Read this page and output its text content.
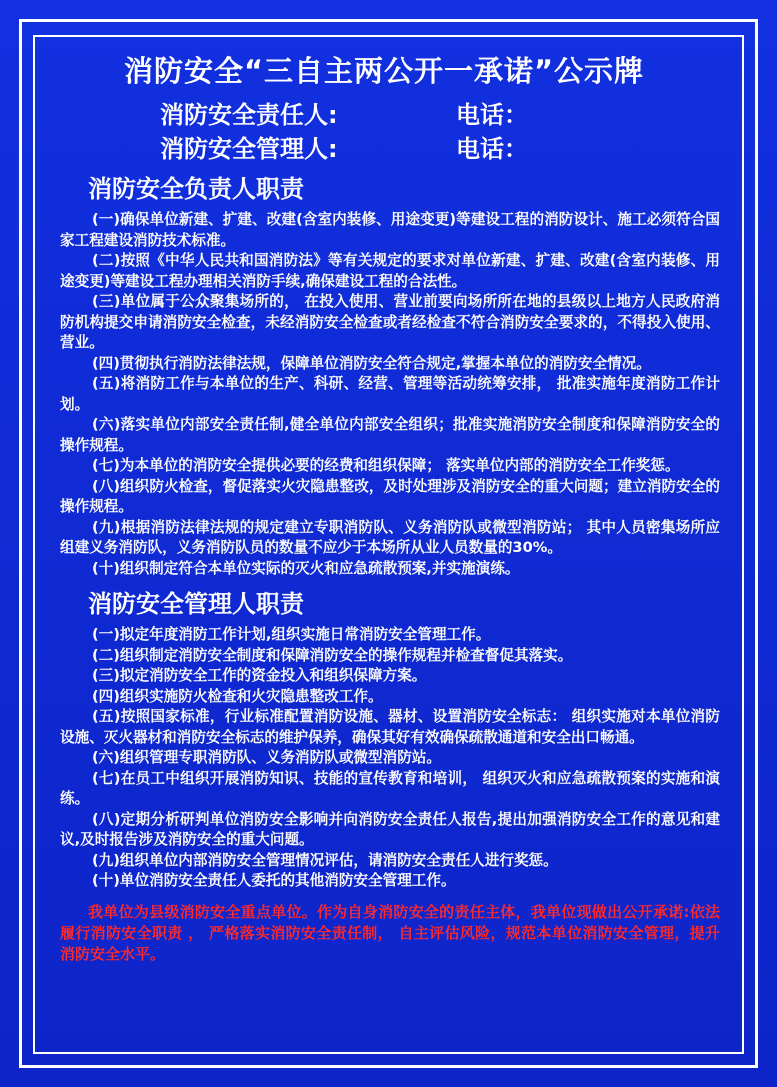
消防安全“三自主两公开一承诺”公示牌
消防安全责任人:	电话：
消防安全管理人:	电话：
消防安全负责人职责

(一)确保单位新建、扩建、改建(含室内装修、用途变更)等建设工程的消防设计、施工必须符合国家工程建设消防技术标准。

(二)按照《中华人民共和国消防法》等有关规定的要求对单位新建、扩建、改建(含室内装修、用途变更)等建设工程办理相关消防手续,确保建设工程的合法性。

(三)单位属于公众聚集场所的， 在投入使用、营业前要向场所所在地的县级以上地方人民政府消防机构提交申请消防安全检查，未经消防安全检查或者经检查不符合消防安全要求的，不得投入使用、营业。

(四)贯彻执行消防法律法规，保障单位消防安全符合规定,掌握本单位的消防安全情况。

(五)将消防工作与本单位的生产、科研、经营、管理等活动统筹安排， 批准实施年度消防工作计划。

(六)落实单位内部安全责任制,健全单位内部安全组织；批准实施消防安全制度和保障消防安全的操作规程。

(七)为本单位的消防安全提供必要的经费和组织保障； 落实单位内部的消防安全工作奖惩。

(八)组织防火检查，督促落实火灾隐患整改，及时处理涉及消防安全的重大问题；建立消防安全的操作规程。

(九)根据消防法律法规的规定建立专职消防队、义务消防队或微型消防站； 其中人员密集场所应组建义务消防队，义务消防队员的数量不应少于本场所从业人员数量的30%。

(十)组织制定符合本单位实际的灭火和应急疏散预案,并实施演练。

消防安全管理人职责

(一)拟定年度消防工作计划,组织实施日常消防安全管理工作。

(二)组织制定消防安全制度和保障消防安全的操作规程并检查督促其落实。

(三)拟定消防安全工作的资金投入和组织保障方案。

(四)组织实施防火检查和火灾隐患整改工作。

(五)按照国家标准，行业标准配置消防设施、器材、设置消防安全标志： 组织实施对本单位消防设施、灭火器材和消防安全标志的维护保养，确保其好有效确保疏散通道和安全出口畅通。

(六)组织管理专职消防队、义务消防队或微型消防站。

(七)在员工中组织开展消防知识、技能的宣传教育和培训， 组织灭火和应急疏散预案的实施和演练。

(八)定期分析研判单位消防安全影响并向消防安全责任人报告,提出加强消防安全工作的意见和建议,及时报告涉及消防安全的重大问题。

(九)组织单位内部消防安全管理情况评估，请消防安全责任人进行奖惩。

(十)单位消防安全责任人委托的其他消防安全管理工作。

我单位为县级消防安全重点单位。作为自身消防安全的责任主体，我单位现做出公开承诺:依法履行消防安全职责 ， 严格落实消防安全责任制， 自主评估风险，规范本单位消防安全管理，提升消防安全水平。
